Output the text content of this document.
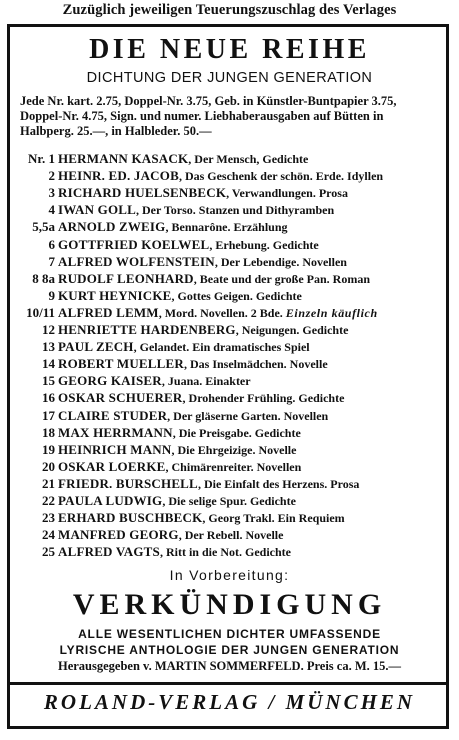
Zuzüglich jeweiligen Teuerungszuschlag des Verlages
DIE NEUE REIHE
DICHTUNG DER JUNGEN GENERATION
Jede Nr. kart. 2.75, Doppel-Nr. 3.75, Geb. in Künstler-Buntpapier 3.75, Doppel-Nr. 4.75, Sign. und numer. Liebhaberausgaben auf Bütten in Halbperg. 25.—, in Halbleder. 50.—
Nr. 1 HERMANN KASACK, Der Mensch, Gedichte
2 HEINR. ED. JACOB, Das Geschenk der schön. Erde. Idyllen
3 RICHARD HUELSENBECK, Verwandlungen. Prosa
4 IWAN GOLL, Der Torso. Stanzen und Dithyramben
5,5a ARNOLD ZWEIG, Bennarône. Erzählung
6 GOTTFRIED KOELWEL, Erhebung. Gedichte
7 ALFRED WOLFENSTEIN, Der Lebendige. Novellen
8 8a RUDOLF LEONHARD, Beate und der große Pan. Roman
9 KURT HEYNICKE, Gottes Geigen. Gedichte
10/11 ALFRED LEMM, Mord. Novellen. 2 Bde. Einzeln käuflich
12 HENRIETTE HARDENBERG, Neigungen. Gedichte
13 PAUL ZECH, Gelandet. Ein dramatisches Spiel
14 ROBERT MUELLER, Das Inselmädchen. Novelle
15 GEORG KAISER, Juana. Einakter
16 OSKAR SCHUERER, Drohender Frühling. Gedichte
17 CLAIRE STUDER, Der gläserne Garten. Novellen
18 MAX HERRMANN, Die Preisgabe. Gedichte
19 HEINRICH MANN, Die Ehrgeizige. Novelle
20 OSKAR LOERKE, Chimärenreiter. Novellen
21 FRIEDR. BURSCHELL, Die Einfalt des Herzens. Prosa
22 PAULA LUDWIG, Die selige Spur. Gedichte
23 ERHARD BUSCHBECK, Georg Trakl. Ein Requiem
24 MANFRED GEORG, Der Rebell. Novelle
25 ALFRED VAGTS, Ritt in die Not. Gedichte
In Vorbereitung:
VERKÜNDIGUNG
ALLE WESENTLICHEN DICHTER UMFASSENDE
LYRISCHE ANTHOLOGIE DER JUNGEN GENERATION
Herausgegeben v. MARTIN SOMMERFELD. Preis ca. M. 15.—
ROLAND-VERLAG / MÜNCHEN
